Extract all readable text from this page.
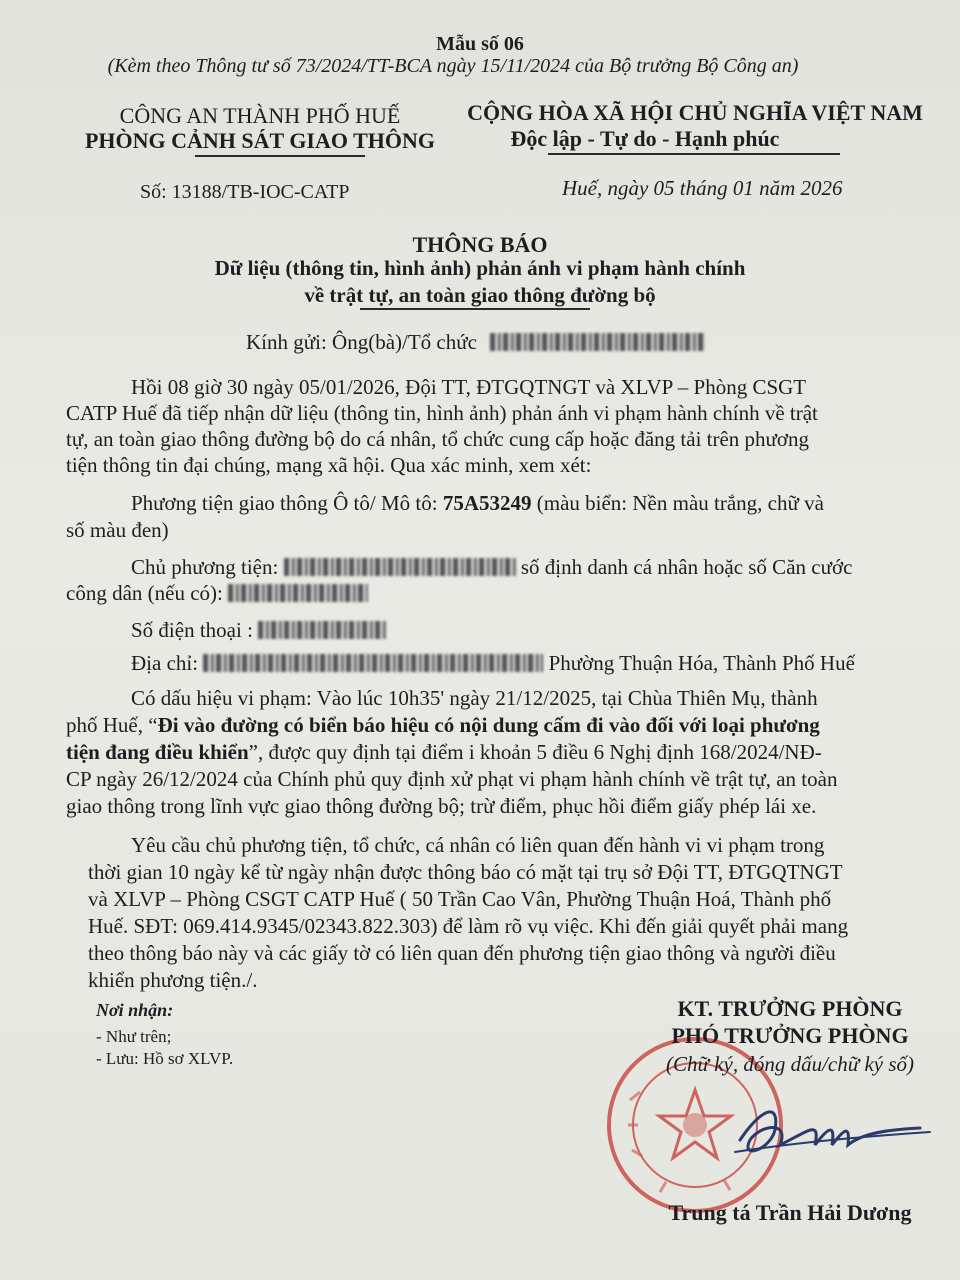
Mẫu số 06
(Kèm theo Thông tư số 73/2024/TT-BCA ngày 15/11/2024 của Bộ trưởng Bộ Công an)
CÔNG AN THÀNH PHỐ HUẾ
PHÒNG CẢNH SÁT GIAO THÔNG
Số: 13188/TB-IOC-CATP
CỘNG HÒA XÃ HỘI CHỦ NGHĨA VIỆT NAM
Độc lập - Tự do - Hạnh phúc
Huế, ngày 05 tháng 01 năm 2026
THÔNG BÁO
Dữ liệu (thông tin, hình ảnh) phản ánh vi phạm hành chính
về trật tự, an toàn giao thông đường bộ
Kính gửi: Ông(bà)/Tổ chức
Hồi 08 giờ 30 ngày 05/01/2026, Đội TT, ĐTGQTNGT và XLVP – Phòng CSGT
CATP Huế đã tiếp nhận dữ liệu (thông tin, hình ảnh) phản ánh vi phạm hành chính về trật
tự, an toàn giao thông đường bộ do cá nhân, tổ chức cung cấp hoặc đăng tải trên phương
tiện thông tin đại chúng, mạng xã hội. Qua xác minh, xem xét:
Phương tiện giao thông Ô tô/ Mô tô: 75A53249 (màu biển: Nền màu trắng, chữ và
số màu đen)
Chủ phương tiện:	số định danh cá nhân hoặc số Căn cước
công dân (nếu có):
Số điện thoại :
Địa chỉ:	Phường Thuận Hóa, Thành Phố Huế
Có dấu hiệu vi phạm: Vào lúc 10h35' ngày 21/12/2025, tại Chùa Thiên Mụ, thành
phố Huế, “Đi vào đường có biển báo hiệu có nội dung cấm đi vào đối với loại phương
tiện đang điều khiển”, được quy định tại điểm i khoản 5 điều 6 Nghị định 168/2024/NĐ-
CP ngày 26/12/2024 của Chính phủ quy định xử phạt vi phạm hành chính về trật tự, an toàn
giao thông trong lĩnh vực giao thông đường bộ; trừ điểm, phục hồi điểm giấy phép lái xe.
Yêu cầu chủ phương tiện, tổ chức, cá nhân có liên quan đến hành vi vi phạm trong
thời gian 10 ngày kể từ ngày nhận được thông báo có mặt tại trụ sở Đội TT, ĐTGQTNGT
và XLVP – Phòng CSGT CATP Huế ( 50 Trần Cao Vân, Phường Thuận Hoá, Thành phố
Huế. SĐT: 069.414.9345/02343.822.303) để làm rõ vụ việc. Khi đến giải quyết phải mang
theo thông báo này và các giấy tờ có liên quan đến phương tiện giao thông và người điều
khiển phương tiện./.
Nơi nhận:
- Như trên;
- Lưu: Hồ sơ XLVP.
KT. TRƯỞNG PHÒNG
PHÓ TRƯỞNG PHÒNG
(Chữ ký, đóng dấu/chữ ký số)
Trung tá Trần Hải Dương
